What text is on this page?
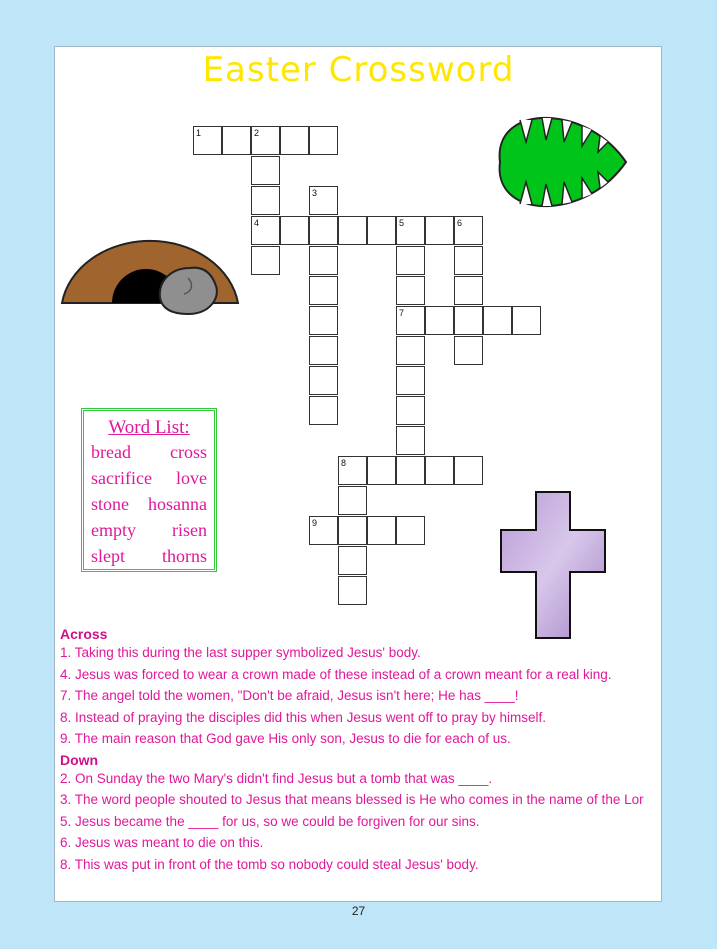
Easter Crossword
1	2
4	5
3
7
6
8
9
Word List:
bread cross
sacrifice love
stone hosanna
empty risen
slept thorns
Across
1. Taking this during the last supper symbolized Jesus' body.
4. Jesus was forced to wear a crown made of these instead of a crown meant for a real king.
7. The angel told the women, "Don't be afraid, Jesus isn't here; He has ____!
8. Instead of praying the disciples did this when Jesus went off to pray by himself.
9. The main reason that God gave His only son, Jesus to die for each of us.
Down
2. On Sunday the two Mary's didn't find Jesus but a tomb that was ____.
3. The word people shouted to Jesus that means blessed is He who comes in the name of the Lor
5. Jesus became the ____ for us, so we could be forgiven for our sins.
6. Jesus was meant to die on this.
8. This was put in front of the tomb so nobody could steal Jesus' body.
27
